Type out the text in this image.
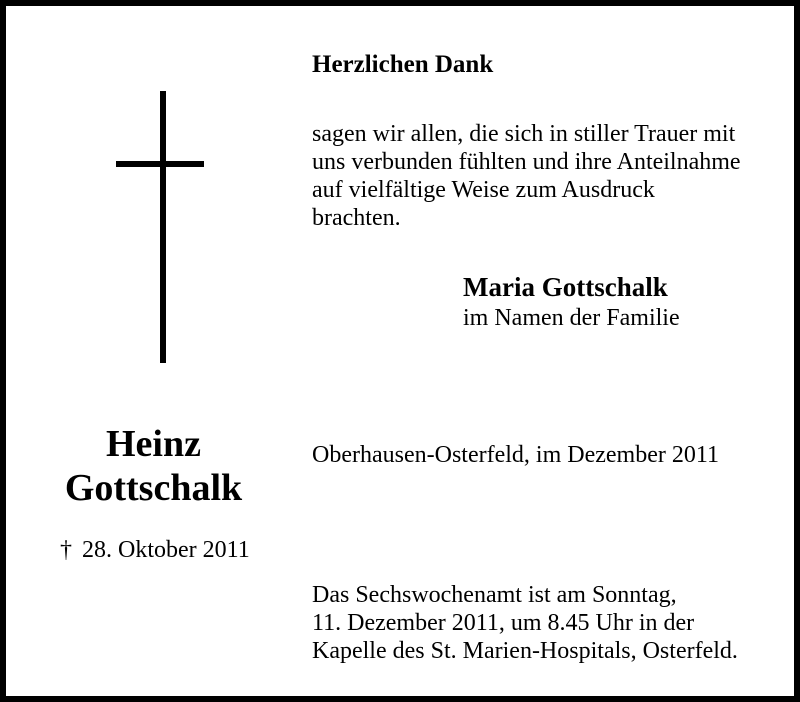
Herzlichen Dank
sagen wir allen, die sich in stiller Trauer mit
uns verbunden fühlten und ihre Anteilnahme
auf vielfältige Weise zum Ausdruck
brachten.
Maria Gottschalk
im Namen der Familie
Heinz
Gottschalk
† 28. Oktober 2011
Oberhausen-Osterfeld, im Dezember 2011
Das Sechswochenamt ist am Sonntag,
11. Dezember 2011, um 8.45 Uhr in der
Kapelle des St. Marien-Hospitals, Osterfeld.
